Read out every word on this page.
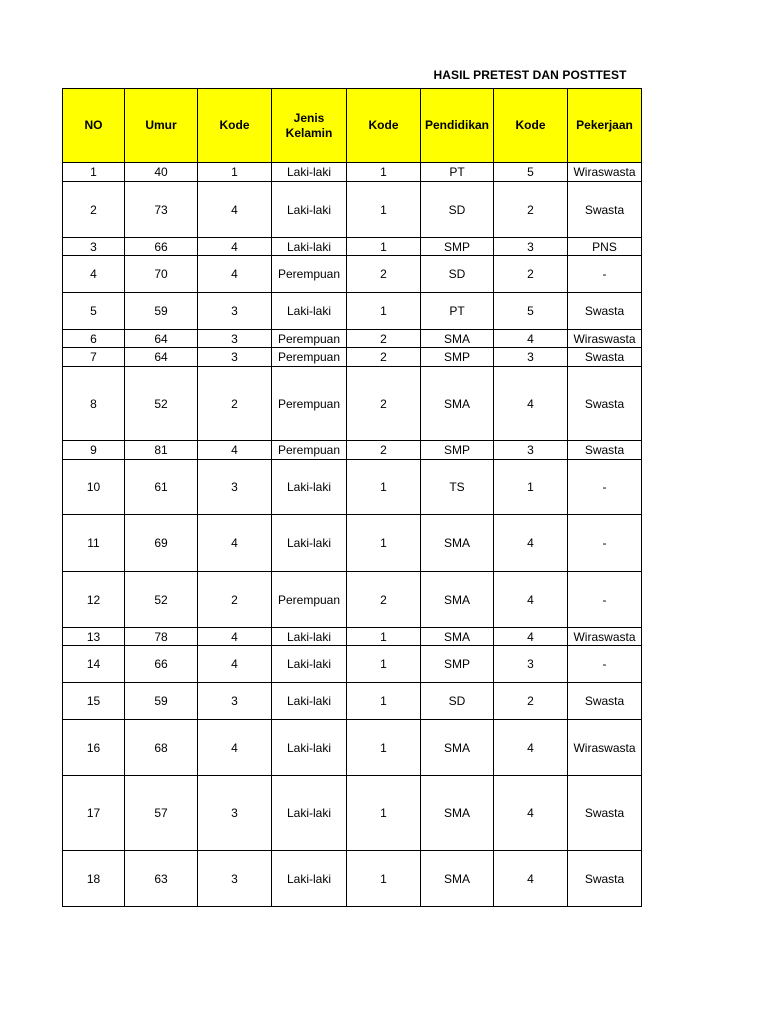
HASIL PRETEST DAN POSTTEST
NO	Umur	Kode	Jenis Kelamin	Kode	Pendidikan	Kode	Pekerjaan
1	40	1	Laki-laki	1	PT	5	Wiraswasta
2	73	4	Laki-laki	1	SD	2	Swasta
3	66	4	Laki-laki	1	SMP	3	PNS
4	70	4	Perempuan	2	SD	2	-
5	59	3	Laki-laki	1	PT	5	Swasta
6	64	3	Perempuan	2	SMA	4	Wiraswasta
7	64	3	Perempuan	2	SMP	3	Swasta
8	52	2	Perempuan	2	SMA	4	Swasta
9	81	4	Perempuan	2	SMP	3	Swasta
10	61	3	Laki-laki	1	TS	1	-
11	69	4	Laki-laki	1	SMA	4	-
12	52	2	Perempuan	2	SMA	4	-
13	78	4	Laki-laki	1	SMA	4	Wiraswasta
14	66	4	Laki-laki	1	SMP	3	-
15	59	3	Laki-laki	1	SD	2	Swasta
16	68	4	Laki-laki	1	SMA	4	Wiraswasta
17	57	3	Laki-laki	1	SMA	4	Swasta
18	63	3	Laki-laki	1	SMA	4	Swasta
